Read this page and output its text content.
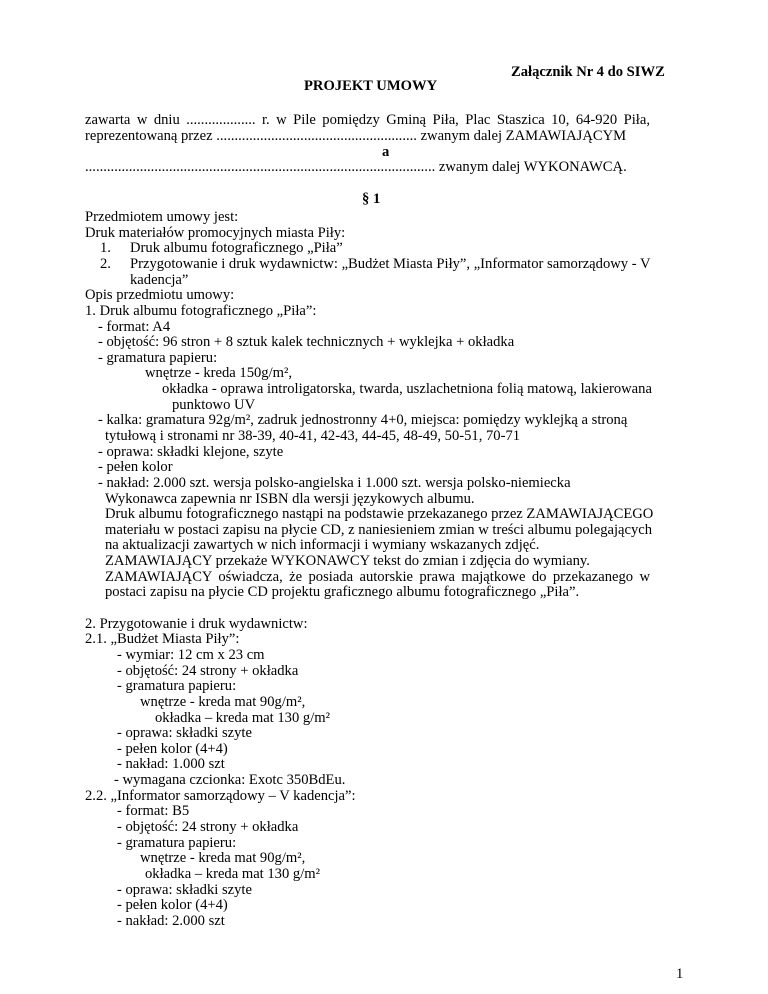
Załącznik Nr 4 do SIWZ
PROJEKT UMOWY
zawarta w dniu ................... r. w Pile pomiędzy Gminą Piła, Plac Staszica 10, 64-920 Piła,
reprezentowaną przez ....................................................... zwanym dalej ZAMAWIAJĄCYM
a
................................................................................................ zwanym dalej WYKONAWCĄ.
§ 1
Przedmiotem umowy jest:
Druk materiałów promocyjnych miasta Piły:
1. Druk albumu fotograficznego „Piła”
2. Przygotowanie i druk wydawnictw: „Budżet Miasta Piły”, „Informator samorządowy - V
kadencja”
Opis przedmiotu umowy:
1. Druk albumu fotograficznego „Piła”:
- format: A4
- objętość: 96 stron + 8 sztuk kalek technicznych + wyklejka + okładka
- gramatura papieru:
wnętrze - kreda 150g/m²,
okładka - oprawa introligatorska, twarda, uszlachetniona folią matową, lakierowana
punktowo UV
- kalka: gramatura 92g/m², zadruk jednostronny 4+0, miejsca: pomiędzy wyklejką a stroną
tytułową i stronami nr 38-39, 40-41, 42-43, 44-45, 48-49, 50-51, 70-71
- oprawa: składki klejone, szyte
- pełen kolor
- nakład: 2.000 szt. wersja polsko-angielska i 1.000 szt. wersja polsko-niemiecka
Wykonawca zapewnia nr ISBN dla wersji językowych albumu.
Druk albumu fotograficznego nastąpi na podstawie przekazanego przez ZAMAWIAJĄCEGO
materiału w postaci zapisu na płycie CD, z naniesieniem zmian w treści albumu polegających
na aktualizacji zawartych w nich informacji i wymiany wskazanych zdjęć.
ZAMAWIAJĄCY przekaże WYKONAWCY tekst do zmian i zdjęcia do wymiany.
ZAMAWIAJĄCY oświadcza, że posiada autorskie prawa majątkowe do przekazanego w
postaci zapisu na płycie CD projektu graficznego albumu fotograficznego „Piła”.
2. Przygotowanie i druk wydawnictw:
2.1. „Budżet Miasta Piły”:
- wymiar: 12 cm x 23 cm
- objętość: 24 strony + okładka
- gramatura papieru:
wnętrze - kreda mat 90g/m²,
okładka – kreda mat 130 g/m²
- oprawa: składki szyte
- pełen kolor (4+4)
- nakład: 1.000 szt
- wymagana czcionka: Exotc 350BdEu.
2.2. „Informator samorządowy – V kadencja”:
- format: B5
- objętość: 24 strony + okładka
- gramatura papieru:
wnętrze - kreda mat 90g/m²,
okładka – kreda mat 130 g/m²
- oprawa: składki szyte
- pełen kolor (4+4)
- nakład: 2.000 szt
1
